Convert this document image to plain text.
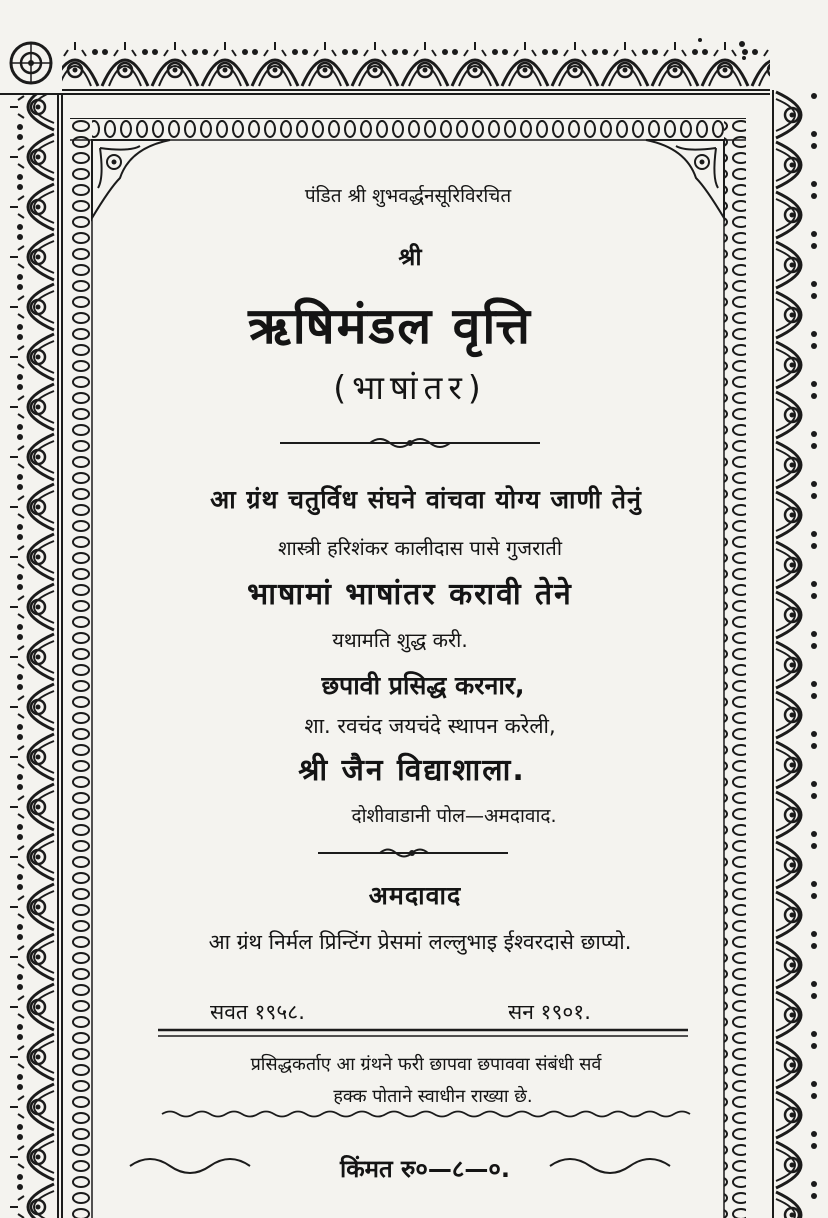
पंडित श्री शुभवर्द्धनसूरिविरचित
श्री
ऋषिमंडल वृत्ति
(भाषांतर)
आ ग्रंथ चतुर्विध संघने वांचवा योग्य जाणी तेनुं
शास्त्री हरिशंकर कालीदास पासे गुजराती
भाषामां भाषांतर करावी तेने
यथामति शुद्ध करी.
छपावी प्रसिद्ध करनार,
शा. रवचंद जयचंदे स्थापन करेली,
श्री जैन विद्याशाला.
दोशीवाडानी पोल—अमदावाद.
अमदावाद
आ ग्रंथ निर्मल प्रिन्टिंग प्रेसमां लल्लुभाइ ईश्वरदासे छाप्यो.
सवत १९५८.	सन १९०१.
प्रसिद्धकर्ताए आ ग्रंथने फरी छापवा छपाववा संबंधी सर्व
हक्क पोताने स्वाधीन राख्या छे.
किंमत रु०—८—०.
